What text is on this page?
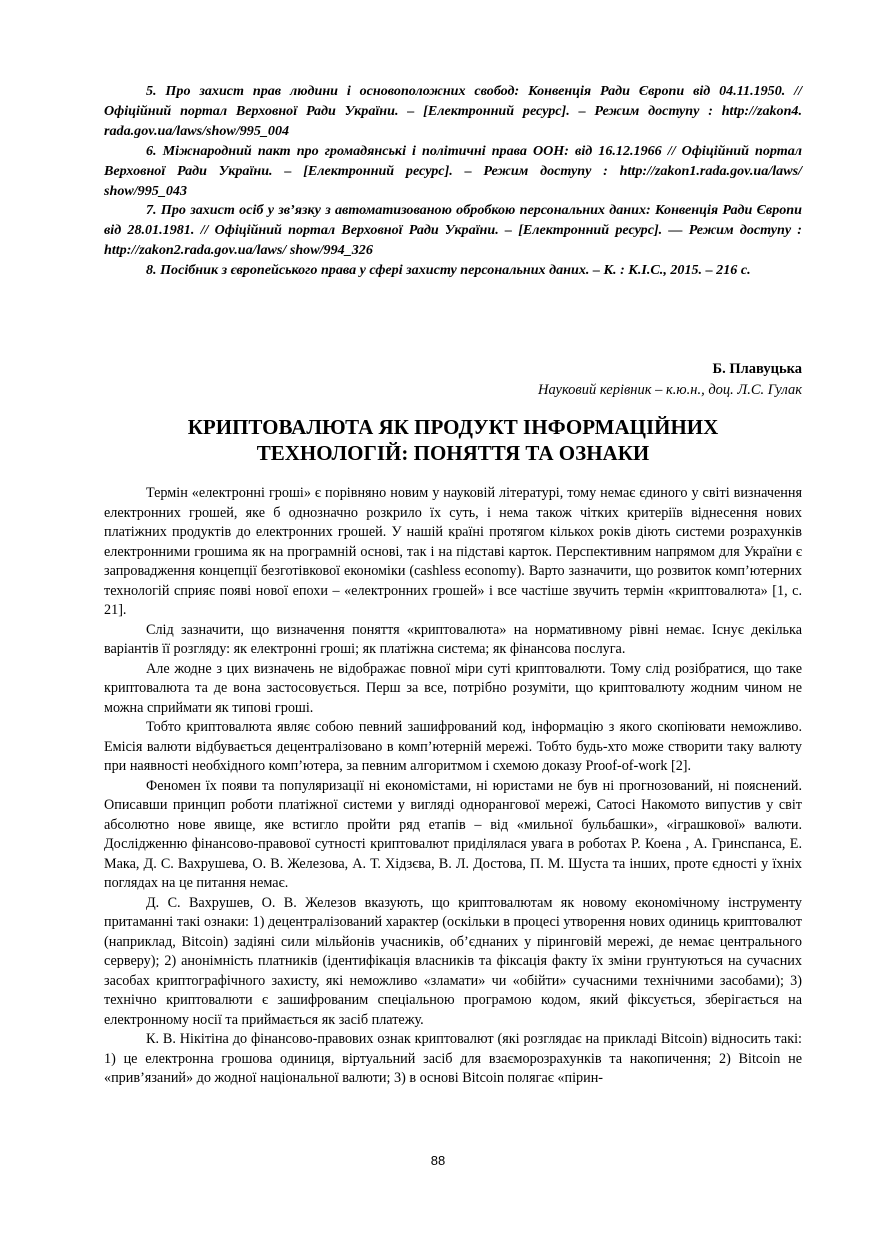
5. Про захист прав людини і основоположних свобод: Конвенція Ради Європи від 04.11.1950. // Офіційний портал Верховної Ради України. – [Електронний ресурс]. – Режим доступу : http://zakon4. rada.gov.ua/laws/show/995_004

6. Міжнародний пакт про громадянські і політичні права ООН: від 16.12.1966 // Офіційний портал Верховної Ради України. – [Електронний ресурс]. – Режим доступу : http://zakon1.rada.gov.ua/laws/ show/995_043

7. Про захист осіб у зв’язку з автоматизованою обробкою персональних даних: Конвенція Ради Європи від 28.01.1981. // Офіційний портал Верховної Ради України. – [Електронний ресурс]. — Режим доступу : http://zakon2.rada.gov.ua/laws/ show/994_326

8. Посібник з європейського права у сфері захисту персональних даних. – К. : К.І.С., 2015. – 216 с.

Б. Плавуцька
Науковий керівник – к.ю.н., доц. Л.С. Гулак
КРИПТОВАЛЮТА ЯК ПРОДУКТ ІНФОРМАЦІЙНИХ
ТЕХНОЛОГІЙ: ПОНЯТТЯ ТА ОЗНАКИ

Термін «електронні гроші» є порівняно новим у науковій літературі, тому немає єдиного у світі визначення електронних грошей, яке б однозначно розкрило їх суть, і нема також чітких критеріїв віднесення нових платіжних продуктів до електронних грошей. У нашій країні протягом кількох років діють системи розрахунків електронними грошима як на програмній основі, так і на підставі карток. Перспективним напрямом для України є запровадження концепції безготівкової економіки (cashless economy). Варто зазначити, що розвиток комп’ютерних технологій сприяє появі нової епохи – «електронних грошей» і все частіше звучить термін «криптовалюта» [1, с. 21].

Слід зазначити, що визначення поняття «криптовалюта» на нормативному рівні немає. Існує декілька варіантів її розгляду: як електронні гроші; як платіжна система; як фінансова послуга.

Але жодне з цих визначень не відображає повної міри суті криптовалюти. Тому слід розібратися, що таке криптовалюта та де вона застосовується. Перш за все, потрібно розуміти, що криптовалюту жодним чином не можна сприймати як типові гроші.

Тобто криптовалюта являє собою певний зашифрований код, інформацію з якого скопіювати неможливо. Емісія валюти відбувається децентралізовано в комп’ютерній мережі. Тобто будь-хто може створити таку валюту при наявності необхідного комп’ютера, за певним алгоритмом і схемою доказу Proof-of-work [2].

Феномен їх появи та популяризації ні економістами, ні юристами не був ні прогнозований, ні пояснений. Описавши принцип роботи платіжної системи у вигляді однорангової мережі, Сатосі Накомото випустив у світ абсолютно нове явище, яке встигло пройти ряд етапів – від «мильної бульбашки», «іграшкової» валюти. Дослідженню фінансово-правової сутності криптовалют приділялася увага в роботах Р. Коена , А. Гринспанса, Е. Мака, Д. С. Вахрушева, О. В. Железова, А. Т. Хідзєва, В. Л. Достова, П. М. Шуста та інших, проте єдності у їхніх поглядах на це питання немає.

Д. С. Вахрушев, О. В. Железов вказують, що криптовалютам як новому економічному інструменту притаманні такі ознаки: 1) децентралізований характер (оскільки в процесі утворення нових одиниць криптовалют (наприклад, Bitcoin) задіяні сили мільйонів учасників, об’єднаних у пiринговiй мережі, де немає центрального серверу); 2) анонімність платників (ідентифікація власників та фіксація факту їх зміни грунтуються на сучасних засобах криптографічного захисту, які неможливо «зламати» чи «обійти» сучасними технічними засобами); 3) технічно криптовалюти є зашифрованим спеціальною програмою кодом, який фіксується, зберігається на електронному носії та приймається як засіб платежу.

К. В. Нікітіна до фінансово-правових ознак криптовалют (які розглядає на прикладі Bitcoin) відносить такі: 1) це електронна грошова одиниця, віртуальний засіб для взаєморозрахунків та накопичення; 2) Bitcoin не «прив’язаний» до жодної національної валюти; 3) в основі Bitcoin полягає «пірин-

88
